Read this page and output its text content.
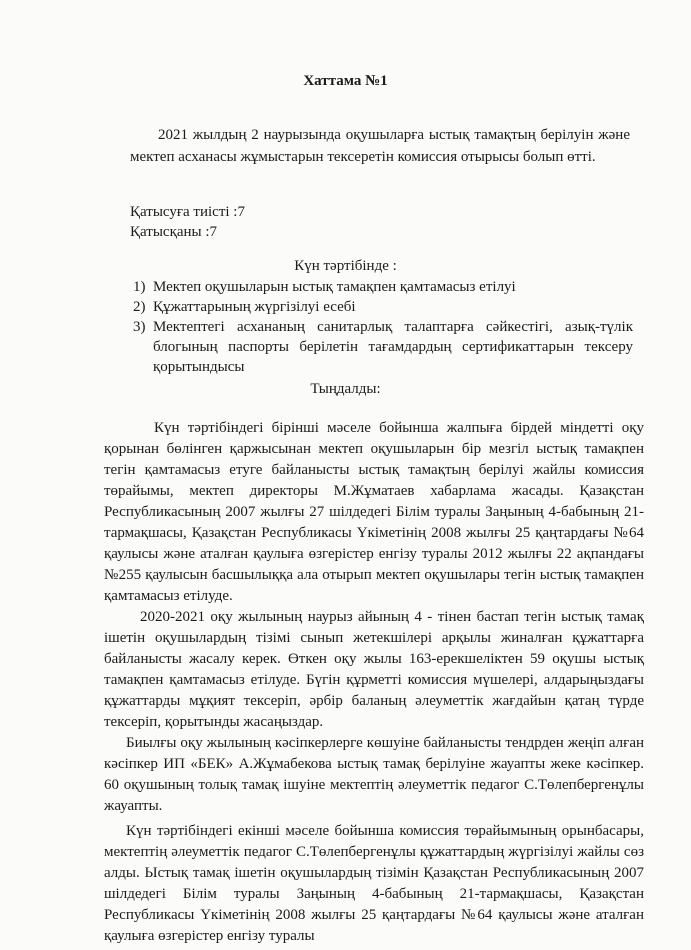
Хаттама №1

2021 жылдың 2 наурызында оқушыларға ыстық тамақтың берілуін және мектеп асханасы жұмыстарын тексеретін комиссия отырысы болып өтті.

Қатысуға тиісті :7
Қатысқаны :7
Күн тәртібінде :
1) Мектеп оқушыларын ыстық тамақпен қамтамасыз етілуі
2) Құжаттарының жүргізілуі есебі
3) Мектептегі асхананың санитарлық талаптарға сәйкестігі, азық-түлік блогының паспорты берілетін тағамдардың сертификаттарын тексеру қорытындысы
Тыңдалды:

Күн тәртібіндегі бірінші мәселе бойынша жалпыға бірдей міндетті оқу қорынан бөлінген қаржысынан мектеп оқушыларын бір мезгіл ыстық тамақпен тегін қамтамасыз етуге байланысты ыстық тамақтың берілуі жайлы комиссия төрайымы, мектеп директоры М.Жұматаев хабарлама жасады. Қазақстан Республикасының 2007 жылғы 27 шілдедегі Білім туралы Заңының 4-бабының 21-тармақшасы, Қазақстан Республикасы Үкіметінің 2008 жылғы 25 қаңтардағы №64 қаулысы және аталған қаулыға өзгерістер енгізу туралы 2012 жылғы 22 ақпандағы №255 қаулысын басшылыққа ала отырып мектеп оқушылары тегін ыстық тамақпен қамтамасыз етілуде.

2020-2021 оқу жылының наурыз айының 4 - тінен бастап тегін ыстық тамақ ішетін оқушылардың тізімі сынып жетекшілері арқылы жиналған құжаттарға байланысты жасалу керек. Өткен оқу жылы 163-ерекшеліктен 59 оқушы ыстық тамақпен қамтамасыз етілуде. Бүгін құрметті комиссия мүшелері, алдарыңыздағы құжаттарды мұқият тексеріп, әрбір баланың әлеуметтік жағдайын қатаң түрде тексеріп, қорытынды жасаңыздар.

Биылғы оқу жылының кәсіпкерлерге көшуіне байланысты тендрден жеңіп алған кәсіпкер ИП «БЕК» А.Жұмабекова ыстық тамақ берілуіне жауапты жеке кәсіпкер. 60 оқушының толық тамақ ішуіне мектептің әлеуметтік педагог С.Төлепбергенұлы жауапты.

Күн тәртібіндегі екінші мәселе бойынша комиссия төрайымының орынбасары, мектептің әлеуметтік педагог С.Төлепбергенұлы құжаттардың жүргізілуі жайлы сөз алды. Ыстық тамақ ішетін оқушылардың тізімін Қазақстан Республикасының 2007 шілдедегі Білім туралы Заңының 4-бабының 21-тармақшасы, Қазақстан Республикасы Үкіметінің 2008 жылғы 25 қаңтардағы №64 қаулысы және аталған қаулыға өзгерістер енгізу туралы
